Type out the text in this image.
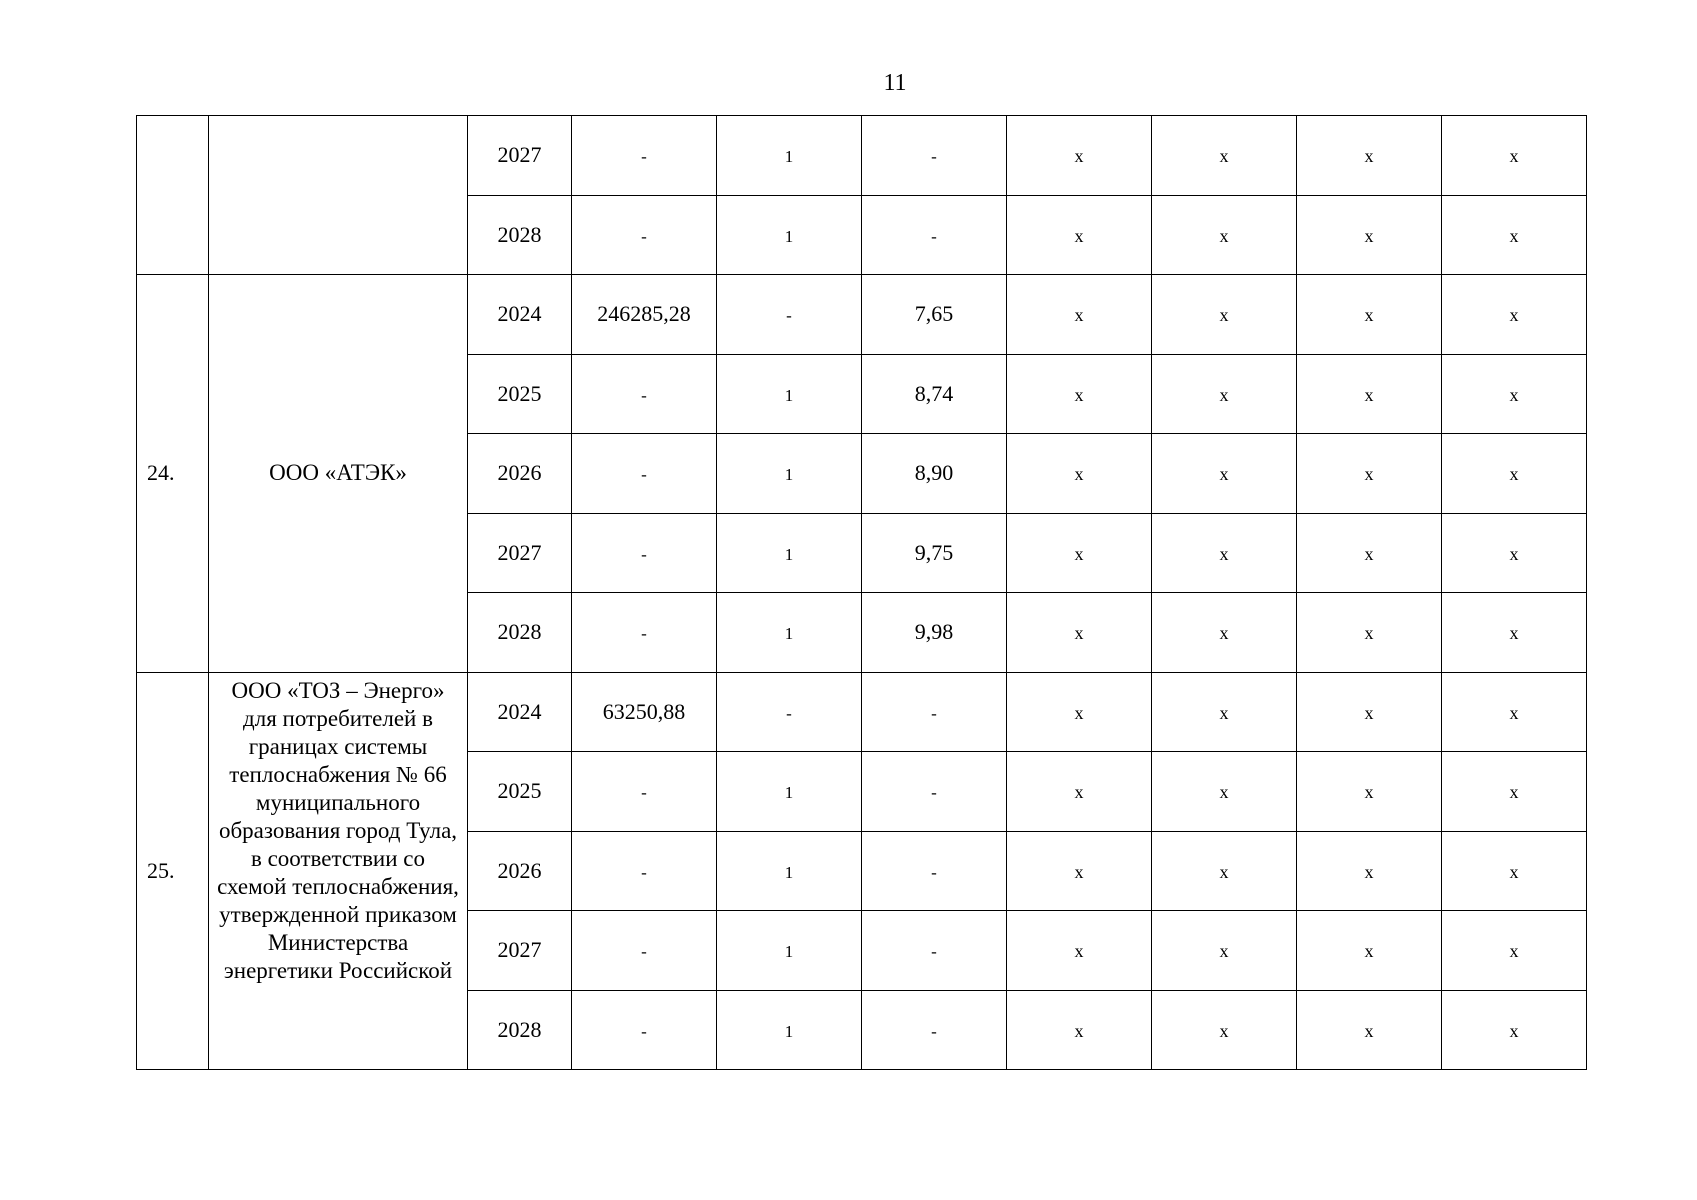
11
		2027	-	1	-	x	x	x	x
		2028	-	1	-	x	x	x	x
24.	ООО «АТЭК»	2024	246285,28	-	7,65	x	x	x	x
		2025	-	1	8,74	x	x	x	x
		2026	-	1	8,90	x	x	x	x
		2027	-	1	9,75	x	x	x	x
		2028	-	1	9,98	x	x	x	x
25.	ООО «ТОЗ – Энерго» для потребителей в границах системы теплоснабжения № 66 муниципального образования город Тула, в соответствии со схемой теплоснабжения, утвержденной приказом Министерства энергетики Российской	2024	63250,88	-	-	x	x	x	x
		2025	-	1	-	x	x	x	x
		2026	-	1	-	x	x	x	x
		2027	-	1	-	x	x	x	x
		2028	-	1	-	x	x	x	x
